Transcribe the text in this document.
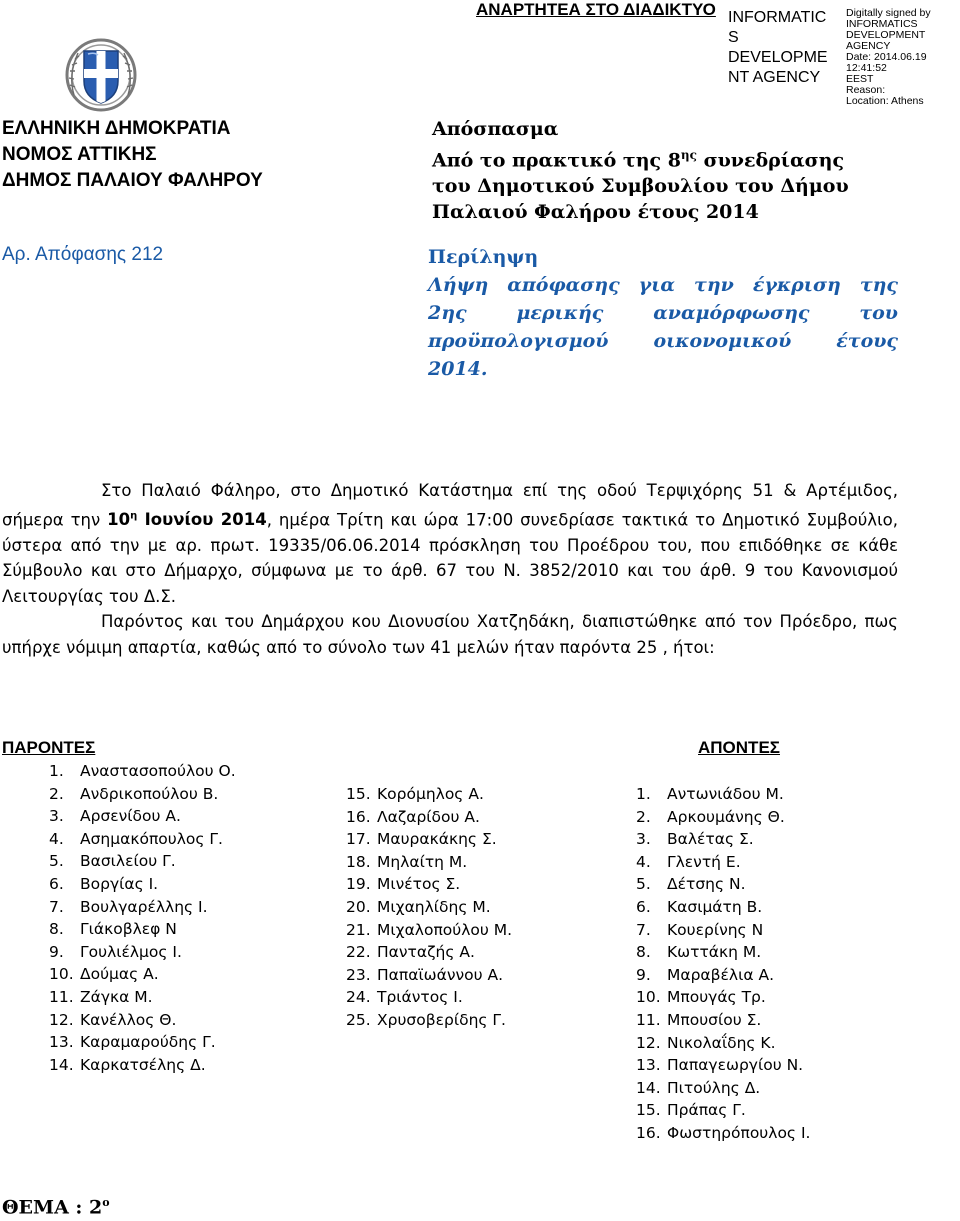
ΑΝΑΡΤΗΤΕΑ ΣΤΟ ΔΙΑΔΙΚΤΥΟ INFORMATIC
S
DEVELOPME
NT AGENCY
Digitally signed by
INFORMATICS
DEVELOPMENT AGENCY
Date: 2014.06.19 12:41:52
EEST
Reason:
Location: Athens
ΕΛΛΗΝΙΚΗ ΔΗΜΟΚΡΑΤΙΑ
ΝΟΜΟΣ ΑΤΤΙΚΗΣ
ΔΗΜΟΣ ΠΑΛΑΙΟΥ ΦΑΛΗΡΟΥ
Αρ. Απόφασης 212
Απόσπασμα
Από το πρακτικό της $8^{\eta\varsigma}$ συνεδρίασης
του Δημοτικού Συμβουλίου του Δήμου
Παλαιού Φαλήρου έτους 2014
Περίληψη
Λήψη απόφασης για την έγκριση της
2ης	μερικής	αναμόρφωσης	του
προϋπολογισμού οικονομικού έτους
2014.

Στο Παλαιό Φάληρο, στο Δημοτικό Κατάστημα επί της οδού Τερψιχόρης 51 & Αρτέμιδος, σήμερα την $10^\eta$ Ιουνίου 2014, ημέρα Τρίτη και ώρα 17:00 συνεδρίασε τακτικά το Δημοτικό Συμβούλιο, ύστερα από την με αρ. πρωτ. 19335/06.06.2014 πρόσκληση του Προέδρου του, που επιδόθηκε σε κάθε Σύμβουλο και στο Δήμαρχο, σύμφωνα με το άρθ. 67 του Ν. 3852/2010 και του άρθ. 9 του Κανονισμού Λειτουργίας του Δ.Σ.

Παρόντος και του Δημάρχου κου Διονυσίου Χατζηδάκη, διαπιστώθηκε από τον Πρόεδρο, πως υπήρχε νόμιμη απαρτία, καθώς από το σύνολο των 41 μελών ήταν παρόντα 25 , ήτοι:

ΠΑΡΟΝΤΕΣ	ΑΠΟΝΤΕΣ
1.	Αναστασοπούλου Ο.
2.	Ανδρικοπούλου Β.
3.	Αρσενίδου Α.
4.	Ασημακόπουλος Γ.
5.	Βασιλείου Γ.
6.	Βοργίας Ι.
7.	Βουλγαρέλλης Ι.
8.	Γιάκοβλεφ Ν
9.	Γουλιέλμος Ι.
10. Δούμας Α.
11. Ζάγκα Μ.
12. Κανέλλος Θ.
13. Καραμαρούδης Γ.
14. Καρκατσέλης Δ.
15. Κορόμηλος Α.
16. Λαζαρίδου Α.
17. Μαυρακάκης Σ.
18. Μηλαίτη Μ.
19. Μινέτος Σ.
20. Μιχαηλίδης Μ.
21. Μιχαλοπούλου Μ.
22. Πανταζής Α.
23. Παπαϊωάννου Α.
24. Τριάντος Ι.
25. Χρυσοβερίδης Γ.
1.	Αντωνιάδου Μ.
2.	Αρκουμάνης Θ.
3.	Βαλέτας Σ.
4.	Γλεντή Ε.
5.	Δέτσης Ν.
6.	Κασιμάτη Β.
7.	Κουερίνης Ν
8.	Κωττάκη Μ.
9.	Μαραβέλια Α.
10. Μπουγάς Τρ.
11. Μπουσίου Σ.
12. Νικολαΐδης Κ.
13. Παπαγεωργίου Ν.
14. Πιτούλης Δ.
15. Πράπας Γ.
16. Φωστηρόπουλος Ι.
ΘΕΜΑ : $2^o$
